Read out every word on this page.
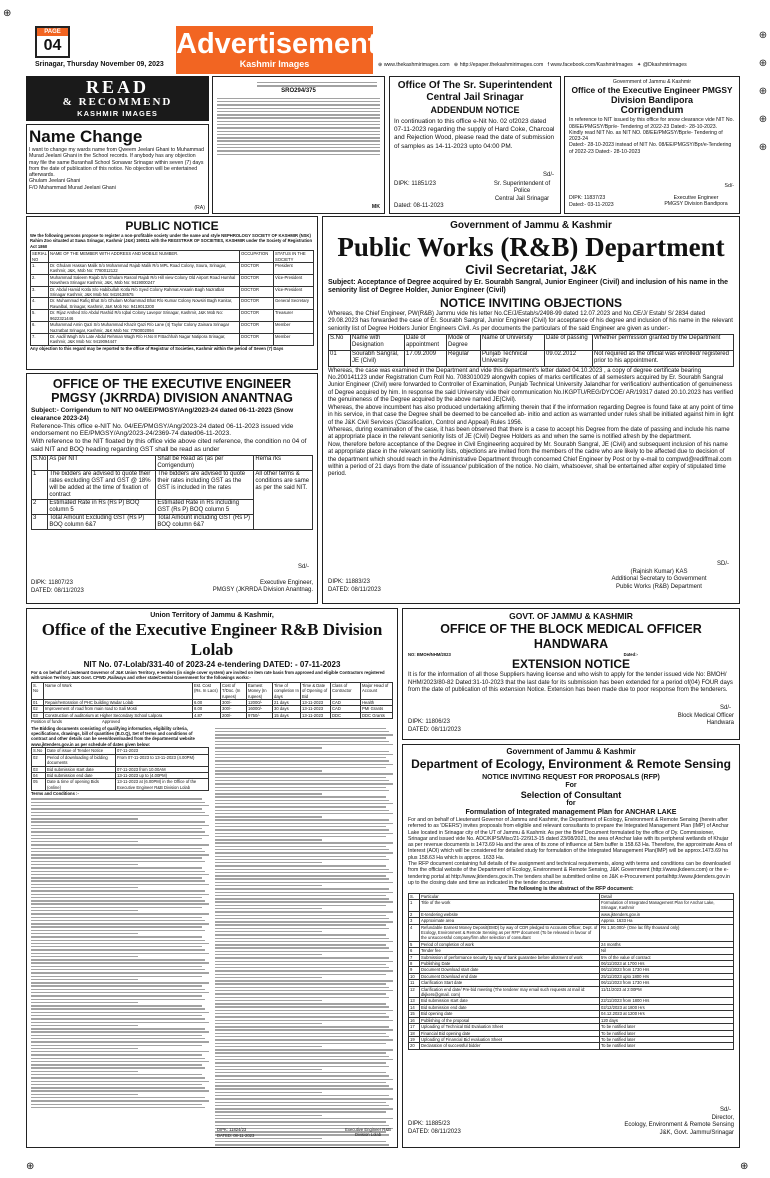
PAGE
04	Advertisement
Kashmir Images
Srinagar, Thursday November 09, 2023	⊕ www.thekashmirimages.com ⊕ http://epaper.thekashmirimages.com f www.facebook.com/KashmirImages ✦ @Dkashmirimages
⊕
⊕
⊕
⊕
⊕
⊕
READ
& RECOMMEND
KASHMIR IMAGES
Name Change
I want to change my wards name from Qweem Jeelani Ghani to Muhammad Murad Jeelani Ghani in the School records. If anybody has any objection may file the same Buranhall School Sonawar Srinagar within seven (7) days from the date of publication of this notice. No objection will be entertained afterwards.
Ghulam Jeelani Ghani
F/O Muhammad Murad Jeelani Ghani
(RA)
SRO294/375
MK
Office Of The Sr. Superintendent
Central Jail Srinagar
ADDENDUM NOTICE
In continuation to this office e-Nit No. 02 of2023 dated 07-11-2023 regarding the supply of Hard Coke, Charcoal and Rejection Wood, please read the date of submission of samples as 14-11-2023 upto 04:00 PM.
Sd/-
DIPK: 11851/23
Dated: 08-11-2023
Sr. Superintendent of
Police
Central Jail Srinagar
Government of Jammu & Kashmir
Office of the Executive Engineer PMGSY
Division Bandipora
Corrigendum
In reference to NIT issued by this office for snow clearance vide NIT No. 08/EE/PMGSY/Bpr/e- Tendering of 2022-23 Dated:- 28-10-2023.
Kindly read NIT No. as NIT NO. 08/EE/PMGSY/Bpr/e- Tendering of 2023-24
Dated:- 28-10-2023 instead of NIT No. 08/EE/PMGSY/Bpr/e-Tendering of 2022-23 Dated:- 28-10-2023
Sd/-
DIPK: 11837/23
Dated:- 03-11-2023
Executive Engineer
PMGSY Division Bandipora
PUBLIC NOTICE
We the following persons propose to register a non-profitable society under the name and style NEPHROLOGY SOCIETY OF KASHMIR (NSK) Rahim Zoo situated at Sawa Srinagar, Kashmir (J&K) 190011 with the REGISTRAR OF SOCIETIES, KASHMIR under the Society of Registration Act 1860
SERIAL NO	NAME OF THE MEMBER WITH ADDRESS AND MOBILE NUMBER.	OCCUPATION	STATUS IN THE SOCIETY
1.	Dr. Ghulam Hassan Malik S/o Mohammad Rajab Malik R/o MPL Road Colony, Soura, Srinagar, Kashmir, J&K, Mob No: 7780012122	DOCTOR	President
2.	Muhammad Saleem Rajab S/o Ghulam Rasool Rajab R/o Hill view Colony Old Airport Road Humhal Nowshera Srinagar Kashmir, J&K, Mob No: 9419000247	DOCTOR	Vice-President
3.	Dr. Abdul Hamid Kotla S/o Habibullah Kotla R/o Syed Colony Rahmat Ansarin Bagh Nazratbat Srinagar Kashmir, J&K Mob No: 9419138575	DOCTOR	Vice-President
4.	Dr. Muhammad Rafiq Bhat S/o Ghulam Mohammad Bhat R/o Kumar Colony Nowsiri Bagh Kanitar, Rawalbal, Srinagar, Kashmir, J&K Mob No: 9419013200	DOCTOR	General Secretary
5.	Dr. Rijaz Arshed S/o Abdul Rashid R/o Iqbal Colony Lavepor Srinagar, Kashmir, J&K Mob No: 9622321446	DOCTOR	Treasurer
6.	Muhammad Amin Qazi S/o Muhammad Khazir Qazi R/o Lane (4) Taylor Colony Zainara Srinagar Nazratbat Srinagar, Kashmir, J&K Mob No: 7780002094	DOCTOR	Member
7.	Dr. Aadil Wagh S/o Late Abdul Rehman Wagh R/o H.No 8 P.Bachhah Nagar Natipora Srinagar, Kashmir, J&K Mob No: 9419094447	DOCTOR	Member
Any objection to this regard may be reported to the office of Registrar of Societies, Kashmir within the period of Seven (7) Days
OFFICE OF THE EXECUTIVE ENGINEER
PMGSY (JKRRDA) DIVISION ANANTNAG
Subject:- Corrigendum to NIT NO 04/EE/PMGSY/Ang/2023-24 dated 06-11-2023 (Snow clearance 2023-24)
Reference-This office e-NIT No. 04/EE/PMGSY/Ang/2023-24 dated 06-11-2023 issued vide endorsement no EE/PMGSY/Ang/2023-24/2369-74 dated06-11-2023.
With reference to the NIT floated by this office vide above cited reference, the condition no 04 of said NIT and BOQ heading regarding GST shall be read as under
S.No	As per NIT	Shall be Read as (as per Corrigendum)	Rema rks
1	The bidders are advised to quote their rates excluding GST and GST @ 18% will be added at the time of fixation of contract	The bidders are advised to quote their rates including GST as the GST is included in the rates	All other terms & conditions are same as per the said NIT.
2	Estimated Rate in Rs (Rs P) BOQ column 5	Estimated Rate in Rs including GST (Rs P) BOQ column 5	
3	Total Amount Excluding GST (Rs P) BOQ column 6&7	Total Amount including GST (Rs P) BOQ column 6&7	
Sd/-
DIPK: 11807/23
DATED: 08/11/2023
Executive Engineer,
PMGSY (JKRRDA Division Anantnag.
Government of Jammu & Kashmir
Public Works (R&B) Department
Civil Secretariat, J&K
Subject: Acceptance of Degree acquired by Er. Sourabh Sangral, Junior Engineer (Civil) and inclusion of his name in the seniority list of Degree Holder, Junior Engineer (Civil)
NOTICE INVITING OBJECTIONS
Whereas, the Chief Engineer, PW(R&B) Jammu vide his letter No.CE/J/Estab/s/2498-99 dated 12.07.2023 and No.CE/J/ Estab/ S/ 2834 dated 29.08.2023 has forwarded the case of Er. Sourabh Sangral, Junior Engineer (Civil) for acceptance of his degree and inclusion of his name in the relevant seniority list of Degree Holders Junior Engineers Civil. As per documents the particulars of the said Engineer are given as under:-
S.No	Name with Designation	Date of appointment	Mode of Degree	Name of University	Date of passing	Whether permission granted by the Department
01	Sourabh Sangral, JE (Civil)	17.09.2009	Regular	Punjab Technical University	09.02.2012	Not required as the official was enrolled/ registered prior to his appointment.
Whereas, the case was examined in the Department and vide this department's letter dated 04.10.2023 , a copy of degree certificate bearing No.200141123 under Registration Cum Roll No. 7083010029 alongwith copies of marks certificates of all semesters acquired by Er. Sourabh Sangral Junior Engineer (Civil) were forwarded to Controller of Examination, Punjab Technical University Jalandhar for verification/ authentication of genuineness of Degree acquired by him. In response the said University vide their communication No.IKGPTU/REG/DYCOE/ AR/19317 dated 20.10.2023 has verified the genuineness of the Degree acquired by the above named JE(Civil).
Whereas, the above incumbent has also produced undertaking affirming therein that if the information regarding Degree is found fake at any point of time in his service, in that case the Degree shall be deemed to be cancelled ab- initio and action as warranted under rules shall be initiated against him in light of the J&K Civil Services (Classification, Control and Appeal) Rules 1956.
Whereas, during examination of the case, it has been observed that there is a case to accept his Degree from the date of passing and include his name at appropriate place in the relevant seniority lists of JE (Civil) Degree Holders as and when the same is notified afresh by the department.
Now, therefore before acceptance of the Degree in Civil Engineering acquired by Mr. Sourabh Sangral, JE (Civil) and subsequent inclusion of his name at appropriate place in the relevant seniority lists, objections are invited from the members of the cadre who are likely to be affected due to decision of the department which should reach in the Administrative Department through concerned Chief Engineer by Post or by e-mail to compwd@rediffmail.com within a period of 21 days from the date of issuance/ publication of the notice. No claim, whatsoever, shall be entertained after expiry of stipulated time period.
SD/-
DIPK: 11883/23
DATED: 08/11/2023
(Rajnish Kumar) KAS
Additional Secretary to Government
Public Works (R&B) Department
Union Territory of Jammu & Kashmir,
Office of the Executive Engineer R&B Division Lolab
NIT No. 07-Lolab/331-40 of 2023-24 e-tendering DATED: - 07-11-2023
For & on behalf of Lieutenant Governor of J&K Union Territory, e-tenders (in single cover system) are invited on item rate basis from approved and eligible Contractors registered with Union Territory J&K Govt. CPWD ,Railways and other state/Central Government for the followings works:-
S. No	Name of Work	Est. Cost (Rs. In Lacs)	Cost of T/Doc. (In rupees)	Earnest Money (In rupees)	Time of completion In days	Time & Date of Opening of Bid	Class of Contractor	Major Head of Account
01	Repair/restoration of PHC building Wadar Lolab	6.00	300/-	12000/-	21 days	13-11-2023	CAD	Health
02	Improvement of road from main road to Sali Mosti	8.00	300/-	16000/-	30 days	13-11-2023	CAD	PMI Grants
03	Construction of auditorium at Higher Secondary School Lalpora	4.87	200/-	9750/-	15 days	13-11-2023	DDC	DDC Grants
Position of funds	Approved
The Bidding documents consisting of qualifying information, eligibility criteria, specifications, drawings, bill of quantities (B.O.Q), Set of terms and conditions of contract and other details can be seen/downloaded from the departmental website www.jktenders.gov.in as per schedule of dates given below:
S.No	Date of issue of Tender Notice	07-11-2023
02	Period of downloading of bidding documents	From 07-11-2023 to 13-11-2023 (4.00PM)
03	Bid submission start date	07-11-2023 from 10.00AM
04	Bid submission end date	13-11-2023 up to (4.00PM)
05	Date & time of opening Bids (online)	13-11-2023 at (6.00PM) in the Office of the Executive Engineer R&B Division Lolab
Terms and Conditions :-
DIPK: 11824/23
DATED: 08-11-2023
Executive Engineer R&B Division Lolab
GOVT. OF JAMMU & KASHMIR
OFFICE OF THE BLOCK MEDICAL OFFICER HANDWARA
NO: BMOH/NHM/2023	Dated:-
EXTENSION NOTICE
It is for the information of all those Suppliers having license and who wish to apply for the tender issued vide No: BMOH/ NHM/2023/80-82 Dated:31-10-2023 that the last date for its submission has been extended for a period of(04) FOUR days from the date of publication of this extension Notice. Extension has been made due to poor response from the tenderers.
Sd/-
DIPK: 11806/23
DATED: 08/11/2023
Block Medical Officer
Handwara
Government of Jammu & Kashmir
Department of Ecology, Environment & Remote Sensing
NOTICE INVITING REQUEST FOR PROPOSALS (RFP)
For
Selection of Consultant
for
Formulation of Integrated management Plan for ANCHAR LAKE
For and on behalf of Lieutenant Governor of Jammu and Kashmir, the Department of Ecology, Environment & Remote Sensing (herein after referred to as 'DEERS') invites proposals from eligible and relevant consultants to prepare the Integrated Management Plan (IMP) of Anchar Lake located in Srinagar city of the UT of Jammu & Kashmir. As per the Brief Document formulated by the office of Dy. Commissioner, Srinagar and issued vide No. ADC/KIPS/Misc/21-22/913-15 dated 23/08/2021, the area of Anchar lake with its peripheral wetlands of Khujar as per revenue documents is 1473.69 Ha and the area of its zone of influence at 5km buffer is 158.63 Ha. Therefore, the approximate Area of Interest (AOI) which will be considered for detailed study for formulation of the Integrated Management Plan(IMP) will be approx.1473.69 ha plus 158.63 Ha which is approx. 1633 Ha.
The RFP document containing full details of the assignment and technical requirements, along with terms and conditions can be downloaded from the official website of the Department of Ecology, Environment & Remote Sensing, J&K Government (http://www.jkdeers.com) or the e-tendering portal at http://www.jktenders.gov.in.The tenders shall be submitted online on J&K e-Procurement portalhttp://www.jktenders.gov.in up to the closing date and time as indicated in the tender document.
The following is the abstract of the RFP document:
S.	Particular	Detail
1	Title of the work	Formulation of Integrated Management Plan for Anchar Lake, Srinagar, Kashmir
2	E-tendering website	www.jktenders.gov.in
3	Approximate area	Approx. 1633 Ha
4	Refundable Earnest Money Deposit(EMD) by way of CDR pledged to Accounts Officer, Dept. of Ecology, Environment & Remote Sensing as per RFP document (To be released in favour of the unsuccessful company/firm after selection of consultant	Rs 1,50,000/- (One lac fifty thousand only)
5	Period of completion of work	24 months
6	Tender fee	Nil
7	Submission of performance security by way of bank guarantee before allotment of work	5% of the value of contract
8	Publishing Date	06/11/2023 at 1700 Hrs
9	Document Download start date	06/11/2023 from 1730 Hrs
10	Document Download end date	25/11/2023 upto 1800 Hrs
11	Clarification Start date	06/11/2023 from 1730 Hrs
12	Clarification end date/ Pre-bid meeting (The tenderer may email such requests at mail id: dkjkers@gmail. com)	11/11/2023 at 2:00PM
13	Bid submission start date	22/11/2023 from 1800 Hrs
14	Bid submission end date	02/12/2023 at 1800 Hrs
15	Bid opening date	04.12.2023 at 1200 Hrs
16	Publishing of the proposal	120 days
17	Uploading of Technical Bid Evaluation Sheet	To be notified later
18	Financial Bid opening date	To be notified later
19	Uploading of Financial Bid evaluation Sheet	To be notified later
20	Declaration of successful bidder	To be notified later
Sd/-
DIPK: 11885/23
DATED: 08/11/2023
Director,
Ecology, Environment & Remote Sensing
J&K, Govt. Jammu/Srinagar
⊕	⊕
